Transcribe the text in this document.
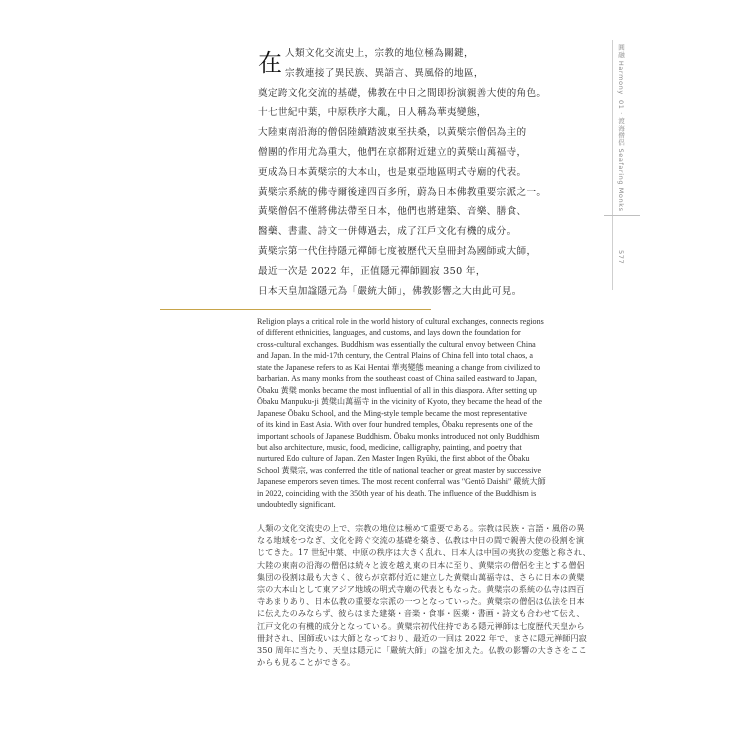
在 人類文化交流史上，宗教的地位極為關鍵，
宗教連接了異民族、異語言、異風俗的地區，
奠定跨文化交流的基礎，佛教在中日之間即扮演親善大使的角色。
十七世紀中葉，中原秩序大亂，日人稱為華夷變態，
大陸東南沿海的僧侶陸續踏波東至扶桑，以黃檗宗僧侶為主的
僧團的作用尤為重大，他們在京都附近建立的黃檗山萬福寺，
更成為日本黃檗宗的大本山，也是東亞地區明式寺廟的代表。
黃檗宗系統的佛寺爾後達四百多所，蔚為日本佛教重要宗派之一。
黃檗僧侶不僅將佛法帶至日本，他們也將建築、音樂、膳食、
醫藥、書畫、詩文一併傳過去，成了江戶文化有機的成分。
黃檗宗第一代住持隱元禪師七度被歷代天皇冊封為國師或大師，
最近一次是 2022 年，正值隱元禪師圓寂 350 年，
日本天皇加諡隱元為「嚴統大師」，佛教影響之大由此可見。
Religion plays a critical role in the world history of cultural exchanges, connects regions
of different ethnicities, languages, and customs, and lays down the foundation for
cross-cultural exchanges. Buddhism was essentially the cultural envoy between China
and Japan. In the mid-17th century, the Central Plains of China fell into total chaos, a
state the Japanese refers to as Kai Hentai 華夷變態 meaning a change from civilized to
barbarian. As many monks from the southeast coast of China sailed eastward to Japan,
Ōbaku 黃檗 monks became the most influential of all in this diaspora. After setting up
Ōbaku Manpuku-ji 黃檗山萬福寺 in the vicinity of Kyoto, they became the head of the
Japanese Ōbaku School, and the Ming-style temple became the most representative
of its kind in East Asia. With over four hundred temples, Ōbaku represents one of the
important schools of Japanese Buddhism. Ōbaku monks introduced not only Buddhism
but also architecture, music, food, medicine, calligraphy, painting, and poetry that
nurtured Edo culture of Japan. Zen Master Ingen Ryūki, the first abbot of the Ōbaku
School 黃檗宗, was conferred the title of national teacher or great master by successive
Japanese emperors seven times. The most recent conferral was "Gentō Daishi" 嚴統大師
in 2022, coinciding with the 350th year of his death. The influence of the Buddhism is
undoubtedly significant.
人類の文化交流史の上で、宗教の地位は極めて重要である。宗教は民族・言語・風俗の異
なる地域をつなぎ、文化を跨ぐ交流の基礎を築き、仏教は中日の間で親善大使の役割を演
じてきた。17 世紀中葉、中原の秩序は大きく乱れ、日本人は中国の夷狄の変態と称され、
大陸の東南の沿海の僧侶は続々と波を越え東の日本に至り、黄檗宗の僧侶を主とする僧侶
集団の役割は最も大きく、彼らが京都付近に建立した黄檗山萬福寺は、さらに日本の黄檗
宗の大本山として東アジア地域の明式寺廟の代表ともなった。黄檗宗の系統の仏寺は四百
寺あまりあり、日本仏教の重要な宗派の一つとなっていった。黄檗宗の僧侶は仏法を日本
に伝えたのみならず、彼らはまた建築・音楽・食事・医薬・書画・詩文も合わせて伝え、
江戸文化の有機的成分となっている。黄檗宗初代住持である隠元禅師は七度歴代天皇から
冊封され、国師或いは大師となっており、最近の一回は 2022 年で、まさに隠元禅師円寂
350 周年に当たり、天皇は隠元に「嚴統大師」の諡を加えた。仏教の影響の大きさをここ
からも見ることができる。
圓融 Harmony
01 · 渡海僧侶 Seafaring Monks
577
